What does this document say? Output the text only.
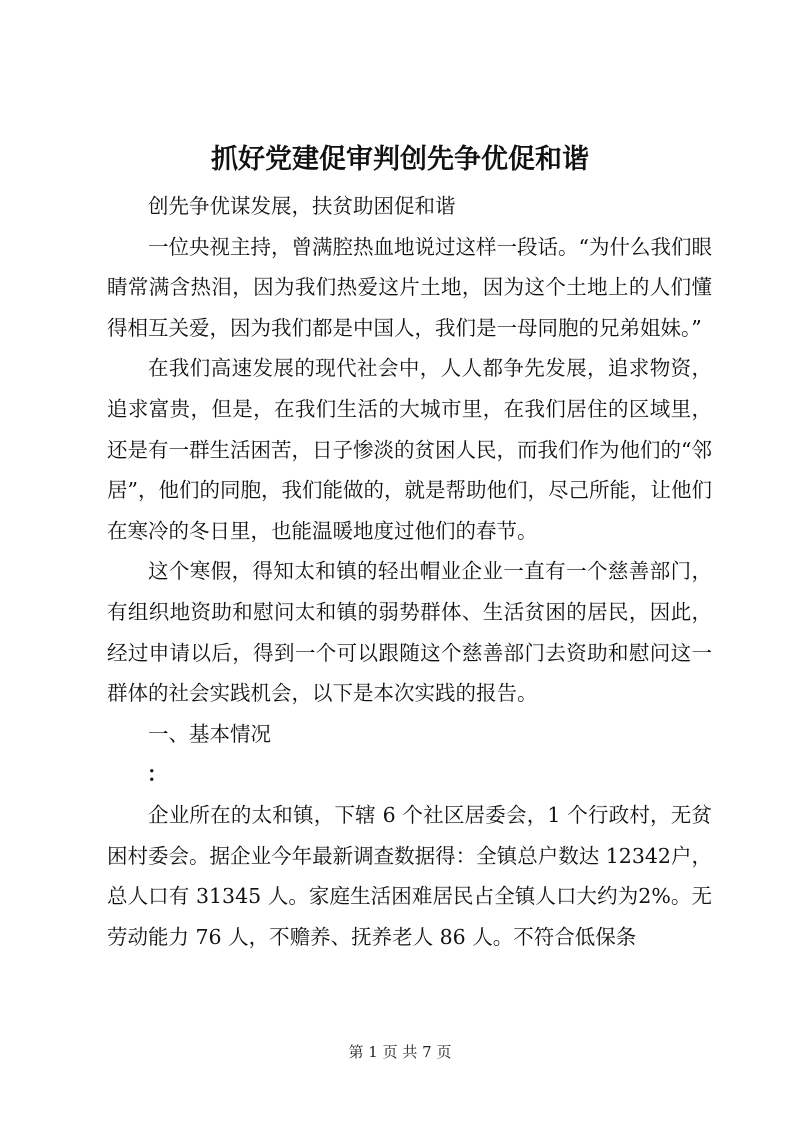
抓好党建促审判创先争优促和谐

创先争优谋发展，扶贫助困促和谐

一位央视主持，曾满腔热血地说过这样一段话。“为什么我们眼睛常满含热泪，因为我们热爱这片土地，因为这个土地上的人们懂得相互关爱，因为我们都是中国人，我们是一母同胞的兄弟姐妹。”

在我们高速发展的现代社会中，人人都争先发展，追求物资，追求富贵，但是，在我们生活的大城市里，在我们居住的区域里，还是有一群生活困苦，日子惨淡的贫困人民，而我们作为他们的“邻居”，他们的同胞，我们能做的，就是帮助他们，尽己所能，让他们在寒冷的冬日里，也能温暖地度过他们的春节。

这个寒假，得知太和镇的轻出帽业企业一直有一个慈善部门，有组织地资助和慰问太和镇的弱势群体、生活贫困的居民，因此，经过申请以后，得到一个可以跟随这个慈善部门去资助和慰问这一群体的社会实践机会，以下是本次实践的报告。

一、基本情况

：

企业所在的太和镇，下辖 6 个社区居委会，1 个行政村，无贫困村委会。据企业今年最新调查数据得：全镇总户数达 12342户，总人口有 31345 人。家庭生活困难居民占全镇人口大约为2%。无劳动能力 76 人，不赡养、抚养老人 86 人。不符合低保条

第 1 页 共 7 页
